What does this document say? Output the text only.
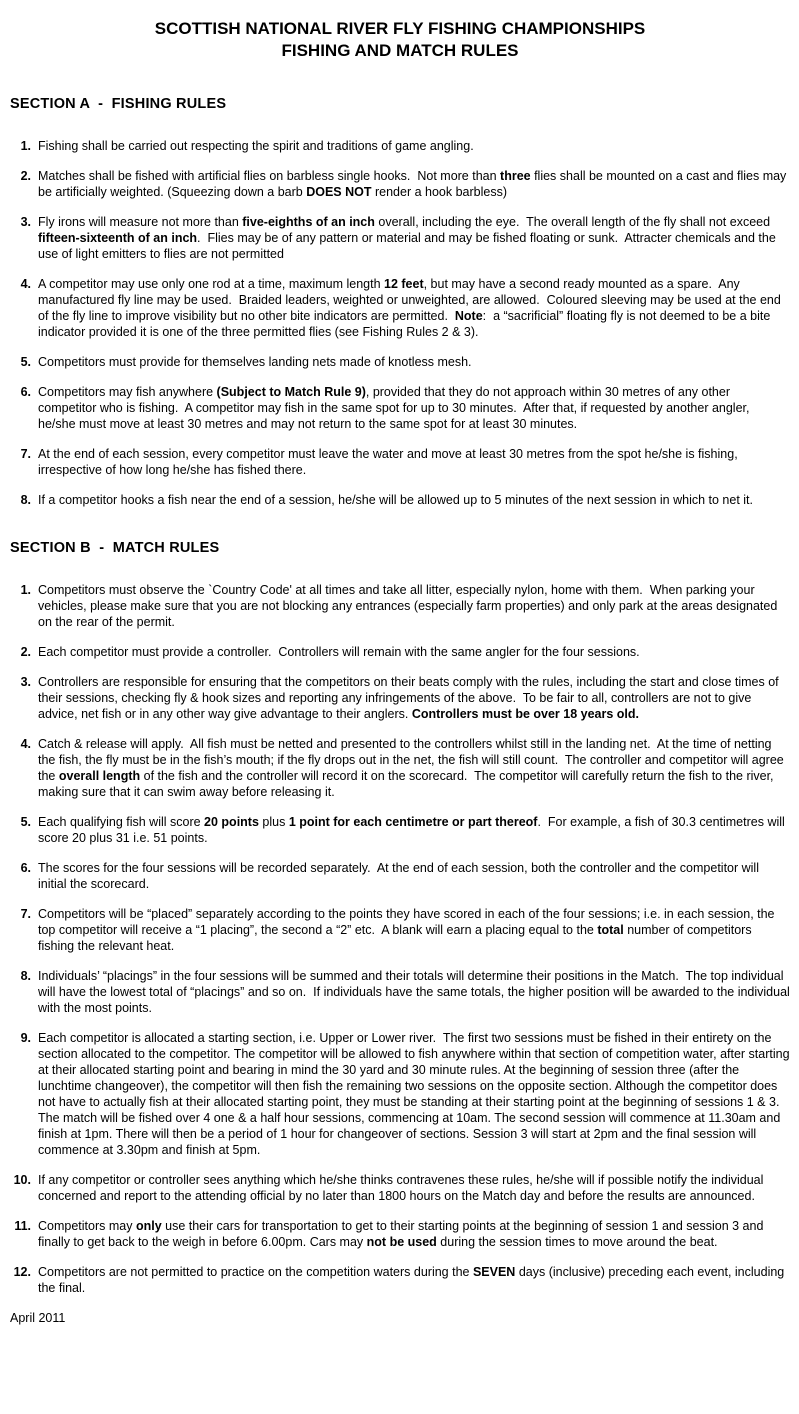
SCOTTISH NATIONAL RIVER FLY FISHING CHAMPIONSHIPS
FISHING AND MATCH RULES
SECTION A  -  FISHING RULES
1. Fishing shall be carried out respecting the spirit and traditions of game angling.
2. Matches shall be fished with artificial flies on barbless single hooks.  Not more than three flies shall be mounted on a cast and flies may be artificially weighted. (Squeezing down a barb DOES NOT render a hook barbless)
3. Fly irons will measure not more than five-eighths of an inch overall, including the eye.  The overall length of the fly shall not exceed fifteen-sixteenth of an inch.  Flies may be of any pattern or material and may be fished floating or sunk.  Attracter chemicals and the use of light emitters to flies are not permitted
4. A competitor may use only one rod at a time, maximum length 12 feet, but may have a second ready mounted as a spare.  Any manufactured fly line may be used.  Braided leaders, weighted or unweighted, are allowed.  Coloured sleeving may be used at the end of the fly line to improve visibility but no other bite indicators are permitted.  Note:  a “sacrificial” floating fly is not deemed to be a bite indicator provided it is one of the three permitted flies (see Fishing Rules 2 & 3).
5. Competitors must provide for themselves landing nets made of knotless mesh.
6. Competitors may fish anywhere (Subject to Match Rule 9), provided that they do not approach within 30 metres of any other competitor who is fishing.  A competitor may fish in the same spot for up to 30 minutes.  After that, if requested by another angler, he/she must move at least 30 metres and may not return to the same spot for at least 30 minutes.
7. At the end of each session, every competitor must leave the water and move at least 30 metres from the spot he/she is fishing, irrespective of how long he/she has fished there.
8. If a competitor hooks a fish near the end of a session, he/she will be allowed up to 5 minutes of the next session in which to net it.
SECTION B  -  MATCH RULES
1. Competitors must observe the `Country Code' at all times and take all litter, especially nylon, home with them.  When parking your vehicles, please make sure that you are not blocking any entrances (especially farm properties) and only park at the areas designated on the rear of the permit.
2. Each competitor must provide a controller.  Controllers will remain with the same angler for the four sessions.
3. Controllers are responsible for ensuring that the competitors on their beats comply with the rules, including the start and close times of their sessions, checking fly & hook sizes and reporting any infringements of the above.  To be fair to all, controllers are not to give advice, net fish or in any other way give advantage to their anglers. Controllers must be over 18 years old.
4. Catch & release will apply.  All fish must be netted and presented to the controllers whilst still in the landing net.  At the time of netting the fish, the fly must be in the fish’s mouth; if the fly drops out in the net, the fish will still count.  The controller and competitor will agree the overall length of the fish and the controller will record it on the scorecard.  The competitor will carefully return the fish to the river, making sure that it can swim away before releasing it.
5. Each qualifying fish will score 20 points plus 1 point for each centimetre or part thereof.  For example, a fish of 30.3 centimetres will score 20 plus 31 i.e. 51 points.
6. The scores for the four sessions will be recorded separately.  At the end of each session, both the controller and the competitor will initial the scorecard.
7. Competitors will be “placed” separately according to the points they have scored in each of the four sessions; i.e. in each session, the top competitor will receive a “1 placing”, the second a “2” etc.  A blank will earn a placing equal to the total number of competitors fishing the relevant heat.
8. Individuals’ “placings” in the four sessions will be summed and their totals will determine their positions in the Match.  The top individual will have the lowest total of “placings” and so on.  If individuals have the same totals, the higher position will be awarded to the individual with the most points.
9. Each competitor is allocated a starting section, i.e. Upper or Lower river.  The first two sessions must be fished in their entirety on the section allocated to the competitor. The competitor will be allowed to fish anywhere within that section of competition water, after starting at their allocated starting point and bearing in mind the 30 yard and 30 minute rules. At the beginning of session three (after the lunchtime changeover), the competitor will then fish the remaining two sessions on the opposite section. Although the competitor does not have to actually fish at their allocated starting point, they must be standing at their starting point at the beginning of sessions 1 & 3. The match will be fished over 4 one & a half hour sessions, commencing at 10am. The second session will commence at 11.30am and finish at 1pm. There will then be a period of 1 hour for changeover of sections. Session 3 will start at 2pm and the final session will commence at 3.30pm and finish at 5pm.
10. If any competitor or controller sees anything which he/she thinks contravenes these rules, he/she will if possible notify the individual concerned and report to the attending official by no later than 1800 hours on the Match day and before the results are announced.
11. Competitors may only use their cars for transportation to get to their starting points at the beginning of session 1 and session 3 and finally to get back to the weigh in before 6.00pm. Cars may not be used during the session times to move around the beat.
12. Competitors are not permitted to practice on the competition waters during the SEVEN days (inclusive) preceding each event, including the final.
April 2011
